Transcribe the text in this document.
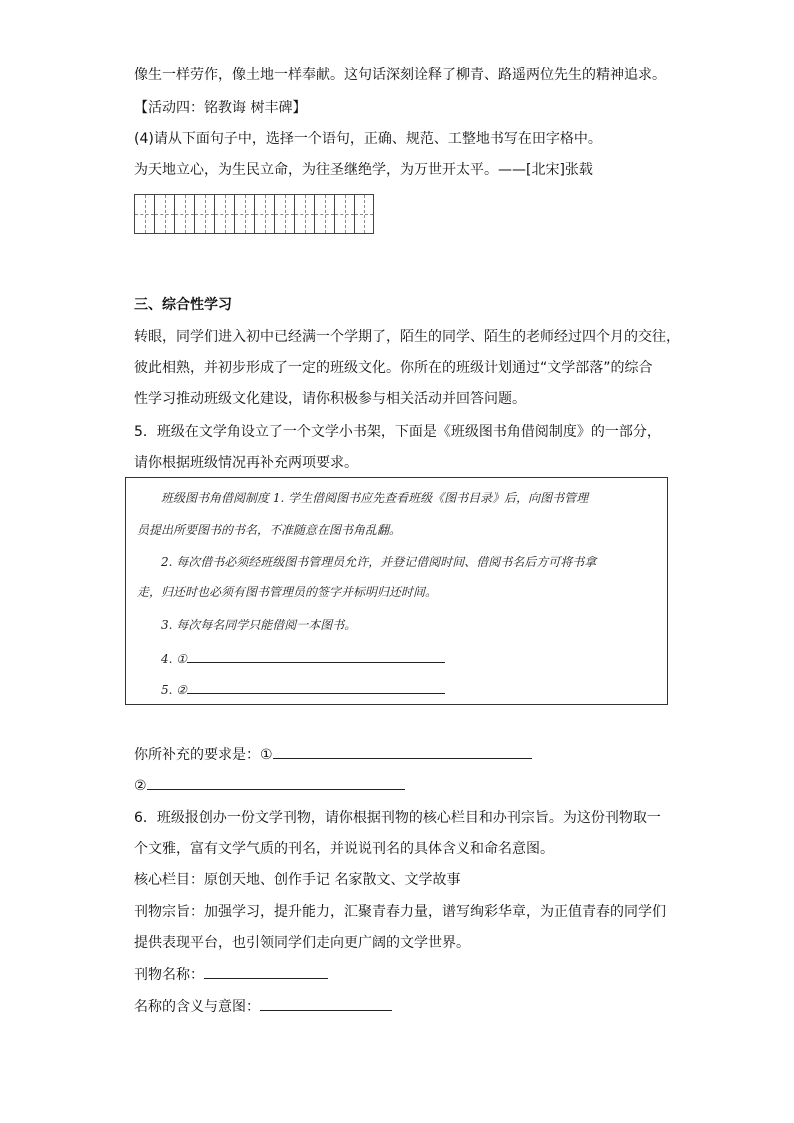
像生一样劳作，像土地一样奉献。这句话深刻诠释了柳青、路遥两位先生的精神追求。
【活动四：铭教诲 树丰碑】
(4)请从下面句子中，选择一个语句，正确、规范、工整地书写在田字格中。
为天地立心，为生民立命，为往圣继绝学，为万世开太平。——[北宋]张载
三、综合性学习
转眼，同学们进入初中已经满一个学期了，陌生的同学、陌生的老师经过四个月的交往，
彼此相熟，并初步形成了一定的班级文化。你所在的班级计划通过“文学部落”的综合
性学习推动班级文化建设，请你积极参与相关活动并回答问题。
5．班级在文学角设立了一个文学小书架，下面是《班级图书角借阅制度》的一部分，
请你根据班级情况再补充两项要求。
班级图书角借阅制度 1. 学生借阅图书应先查看班级《图书目录》后，向图书管理
员提出所要图书的书名，不准随意在图书角乱翻。
2. 每次借书必须经班级图书管理员允许，并登记借阅时间、借阅书名后方可将书拿
走，归还时也必须有图书管理员的签字并标明归还时间。
3. 每次每名同学只能借阅一本图书。
4. ①
5. ②
你所补充的要求是：①
②
6．班级报创办一份文学刊物，请你根据刊物的核心栏目和办刊宗旨。为这份刊物取一
个文雅，富有文学气质的刊名，并说说刊名的具体含义和命名意图。
核心栏目：原创天地、创作手记 名家散文、文学故事
刊物宗旨：加强学习，提升能力，汇聚青春力量，谱写绚彩华章，为正值青春的同学们
提供表现平台，也引领同学们走向更广阔的文学世界。
刊物名称：
名称的含义与意图：
